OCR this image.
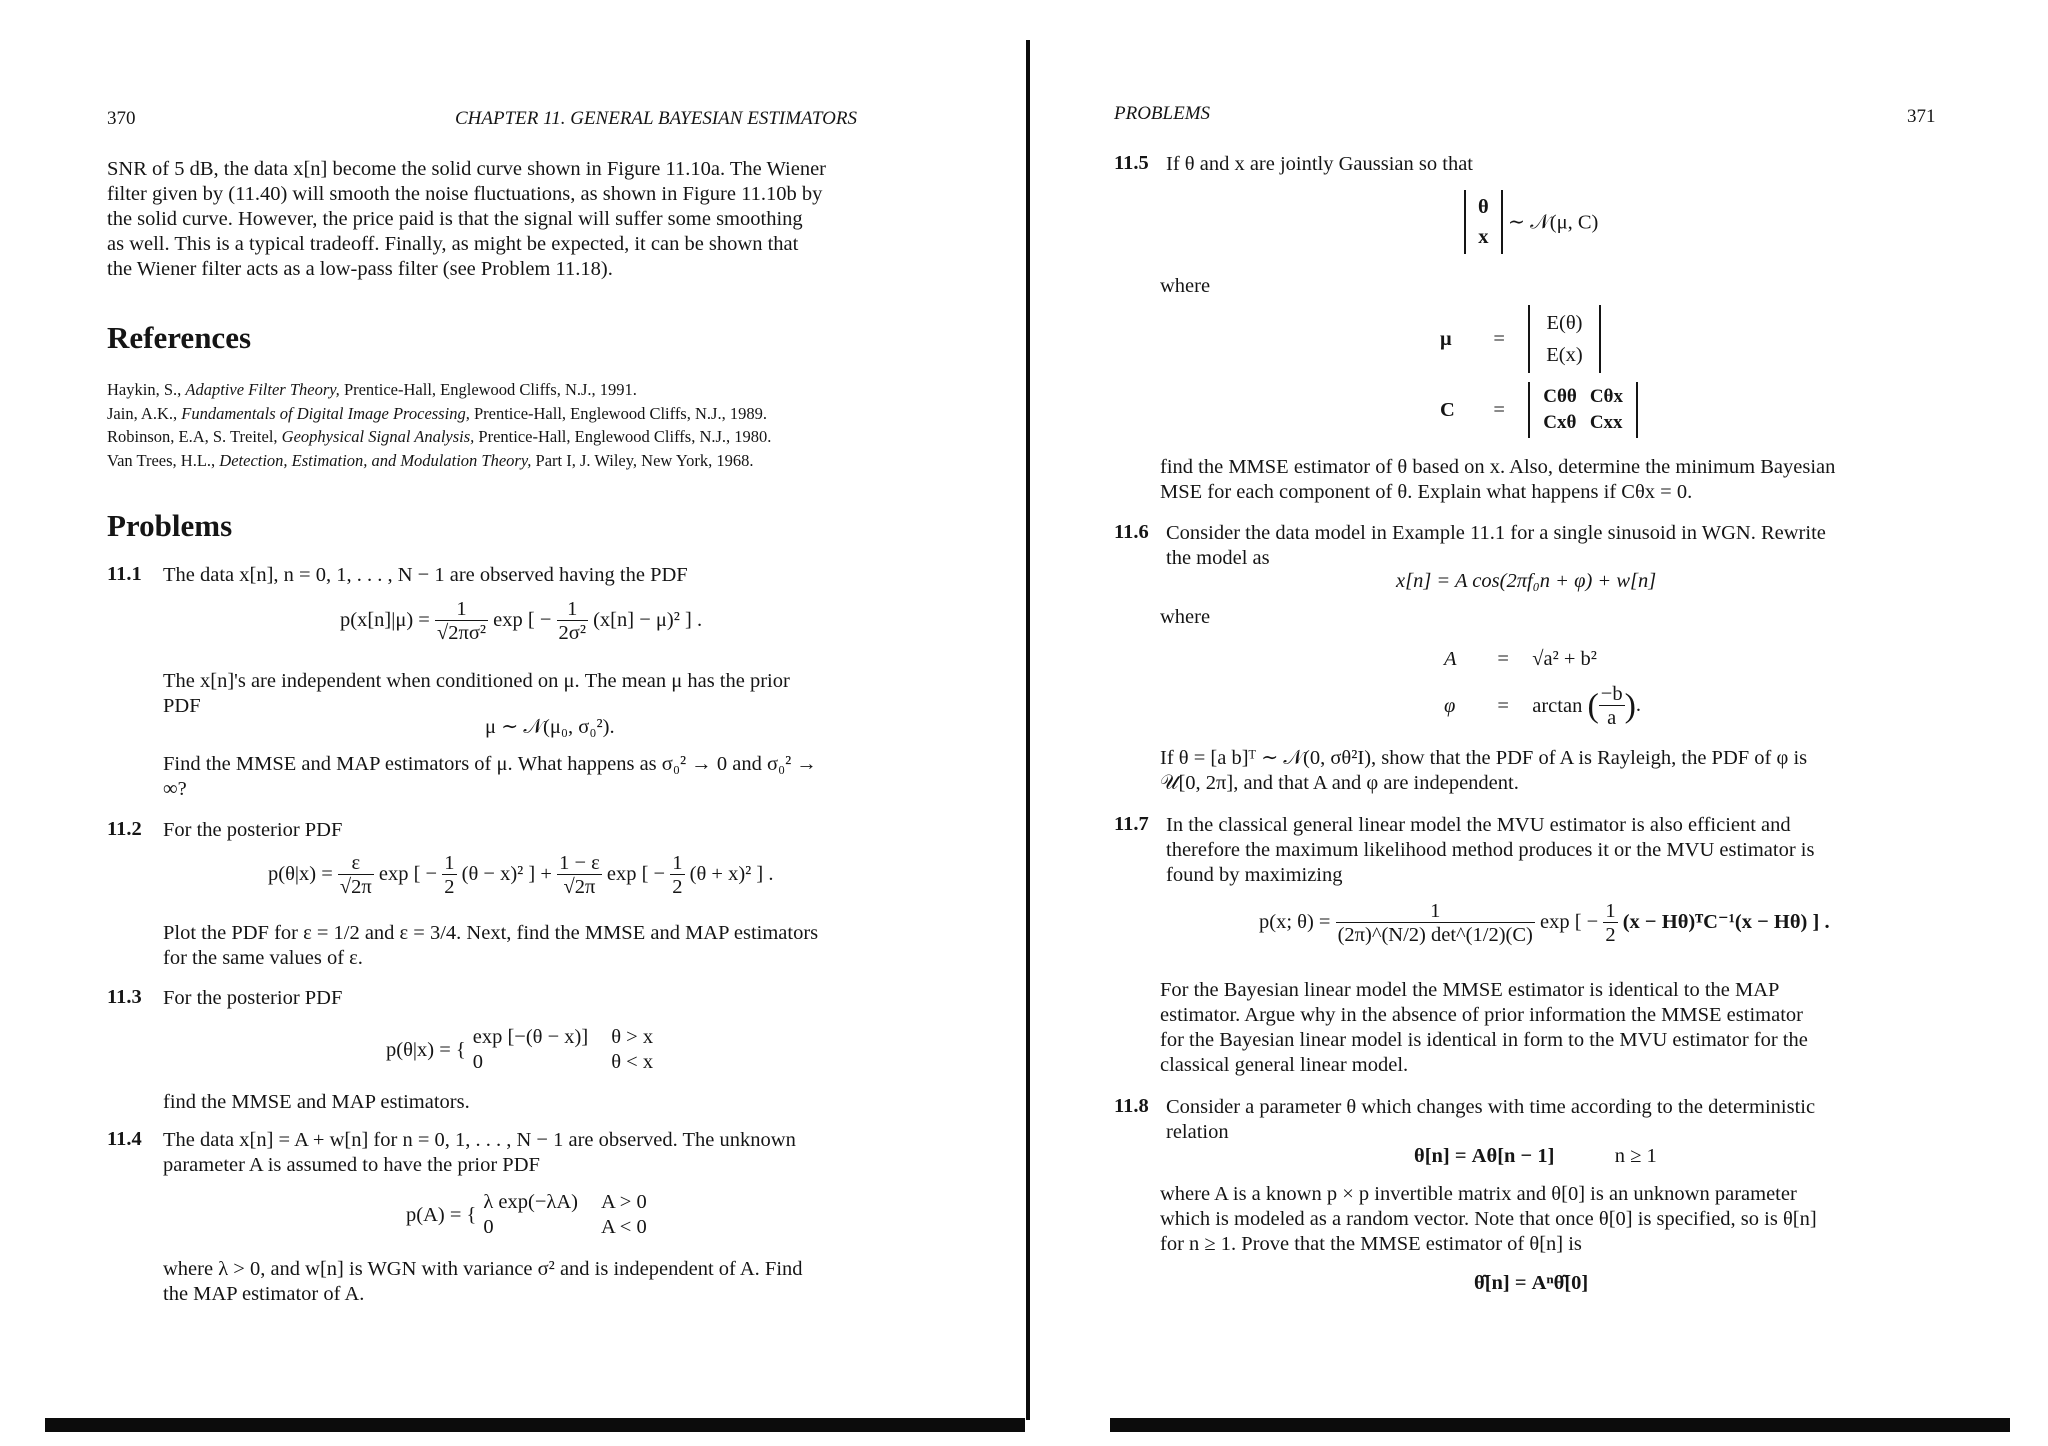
370	CHAPTER 11. GENERAL BAYESIAN ESTIMATORS
SNR of 5 dB, the data x[n] become the solid curve shown in Figure 11.10a. The Wiener
filter given by (11.40) will smooth the noise fluctuations, as shown in Figure 11.10b by
the solid curve. However, the price paid is that the signal will suffer some smoothing
as well. This is a typical tradeoff. Finally, as might be expected, it can be shown that
the Wiener filter acts as a low-pass filter (see Problem 11.18).
References
Haykin, S., Adaptive Filter Theory, Prentice-Hall, Englewood Cliffs, N.J., 1991.
Jain, A.K., Fundamentals of Digital Image Processing, Prentice-Hall, Englewood Cliffs, N.J., 1989.
Robinson, E.A, S. Treitel, Geophysical Signal Analysis, Prentice-Hall, Englewood Cliffs, N.J., 1980.
Van Trees, H.L., Detection, Estimation, and Modulation Theory, Part I, J. Wiley, New York, 1968.
Problems
11.1 The data x[n], n = 0, 1, . . . , N − 1 are observed having the PDF
$p(x[n]|\mu) = \frac{1}{\text{√2πσ²}}$ exp [ − $\frac{1}{\text{2σ²}} (x[n] - \mu)^2$ ] .
The x[n]'s are independent when conditioned on μ. The mean μ has the prior
PDF
μ ∼ 𝒩(μ₀, σ₀²).
Find the MMSE and MAP estimators of μ. What happens as σ₀² → 0 and σ₀² →
∞?
11.2 For the posterior PDF
$p(\theta|x) = \frac{\varepsilon}{√2\pi}$ exp [ − $\frac{1}{2} (\theta - x)^2$ ] + $\frac{1 - \varepsilon}{√2\pi}$ exp [ − $\frac{1}{2} (\theta + x)^2$ ] .
Plot the PDF for ε = 1/2 and ε = 3/4. Next, find the MMSE and MAP estimators
for the same values of ε.
11.3 For the posterior PDF
p(θ|x) = {	exp [−(θ − x)]	θ > x
	0	θ < x
find the MMSE and MAP estimators.
11.4 The data x[n] = A + w[n] for n = 0, 1, . . . , N − 1 are observed. The unknown
parameter A is assumed to have the prior PDF
p(A) = {	λ exp(−λA)	A > 0
	0	A < 0
where λ > 0, and w[n] is WGN with variance σ² and is independent of A. Find
the MAP estimator of A.
PROBLEMS	371
11.5 If θ and x are jointly Gaussian so that
θ
x
∼ 𝒩(μ, C)
where
μ =
E(θ)
E(x)
C =
Cθθ	Cθx
Cxθ	Cxx
find the MMSE estimator of θ based on x. Also, determine the minimum Bayesian
MSE for each component of θ. Explain what happens if Cθx = 0.
11.6 Consider the data model in Example 11.1 for a single sinusoid in WGN. Rewrite
the model as
x[n] = A cos(2πf₀n + φ) + w[n]
where
A = √a² + b²
φ = arctan ( $\frac{-b}{a}$ ).
If θ = [a b]ᵀ ∼ 𝒩(0, σθ²I), show that the PDF of A is Rayleigh, the PDF of φ is
𝒰[0, 2π], and that A and φ are independent.
11.7 In the classical general linear model the MVU estimator is also efficient and
therefore the maximum likelihood method produces it or the MVU estimator is
found by maximizing
p(x; $\theta) = \frac{1}{(2\pi)\^{}(N/2) \det\^{}(1/2)(C)}$ exp [ − $\frac{1}{2} (x$ − Hθ)ᵀC⁻¹(x − Hθ) ] .
For the Bayesian linear model the MMSE estimator is identical to the MAP
estimator. Argue why in the absence of prior information the MMSE estimator
for the Bayesian linear model is identical in form to the MVU estimator for the
classical general linear model.
11.8 Consider a parameter θ which changes with time according to the deterministic
relation
θ[n] = Aθ[n − 1]	n ≥ 1
where A is a known p × p invertible matrix and θ[0] is an unknown parameter
which is modeled as a random vector. Note that once θ[0] is specified, so is θ[n]
for n ≥ 1. Prove that the MMSE estimator of θ[n] is
θ̂[n] = Aⁿθ̂[0]
